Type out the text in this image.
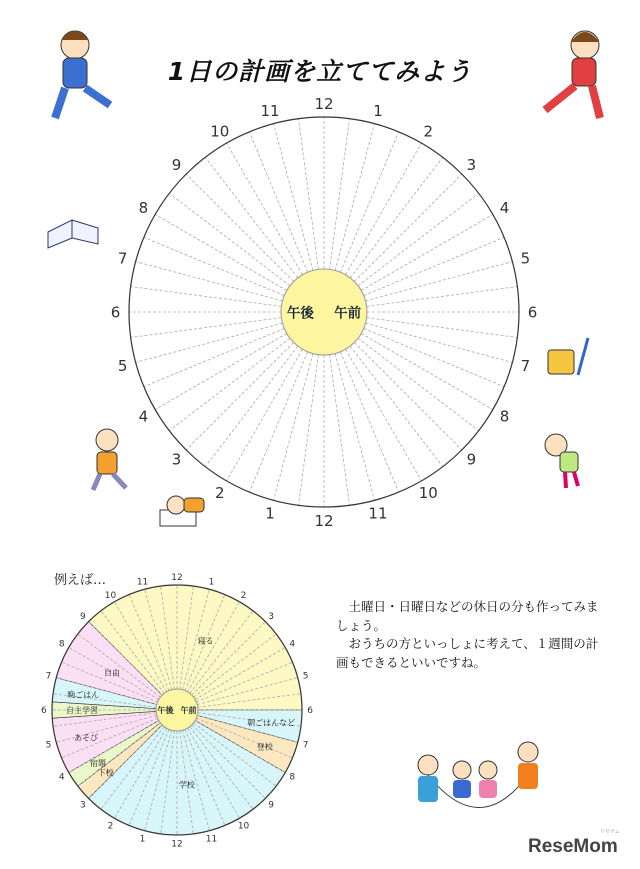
1日の計画を立ててみよう
12
12
1
1
2
2
3
3
4
4
5
5
6
6
7
7
8
8
9
9
10
10
11
11
午後 午前
12
12
1
1
2
2
3
3
4
4
5
5
6
6
7
7
8
8
9
9
10
10
11
11
午後 午前
寝る
朝ごはんなど
登校
学校
下校
宿題
あそび
自主学習
晩ごはん
自由
例えば…

土曜日・日曜日などの休日の分も作ってみましょう。

おうちの方といっしょに考えて、１週間の計画もできるといいですね。

ReseMom
リセマム
